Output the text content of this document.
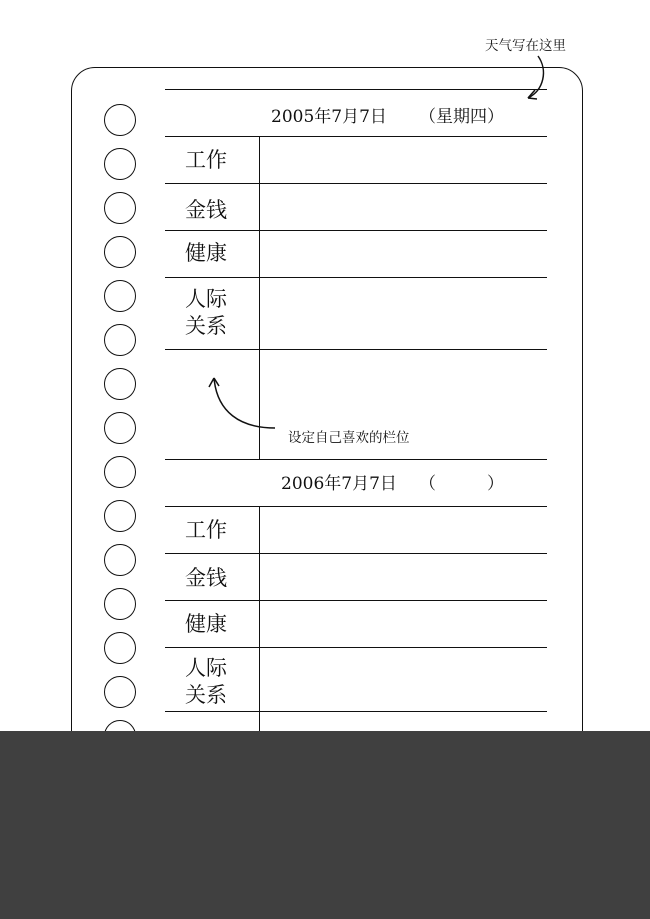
2005年7月7日 （星期四）
工作
金钱
健康
人际
关系
2006年7月7日 （　　　）
工作
金钱
健康
人际
关系
天气写在这里
设定自己喜欢的栏位
